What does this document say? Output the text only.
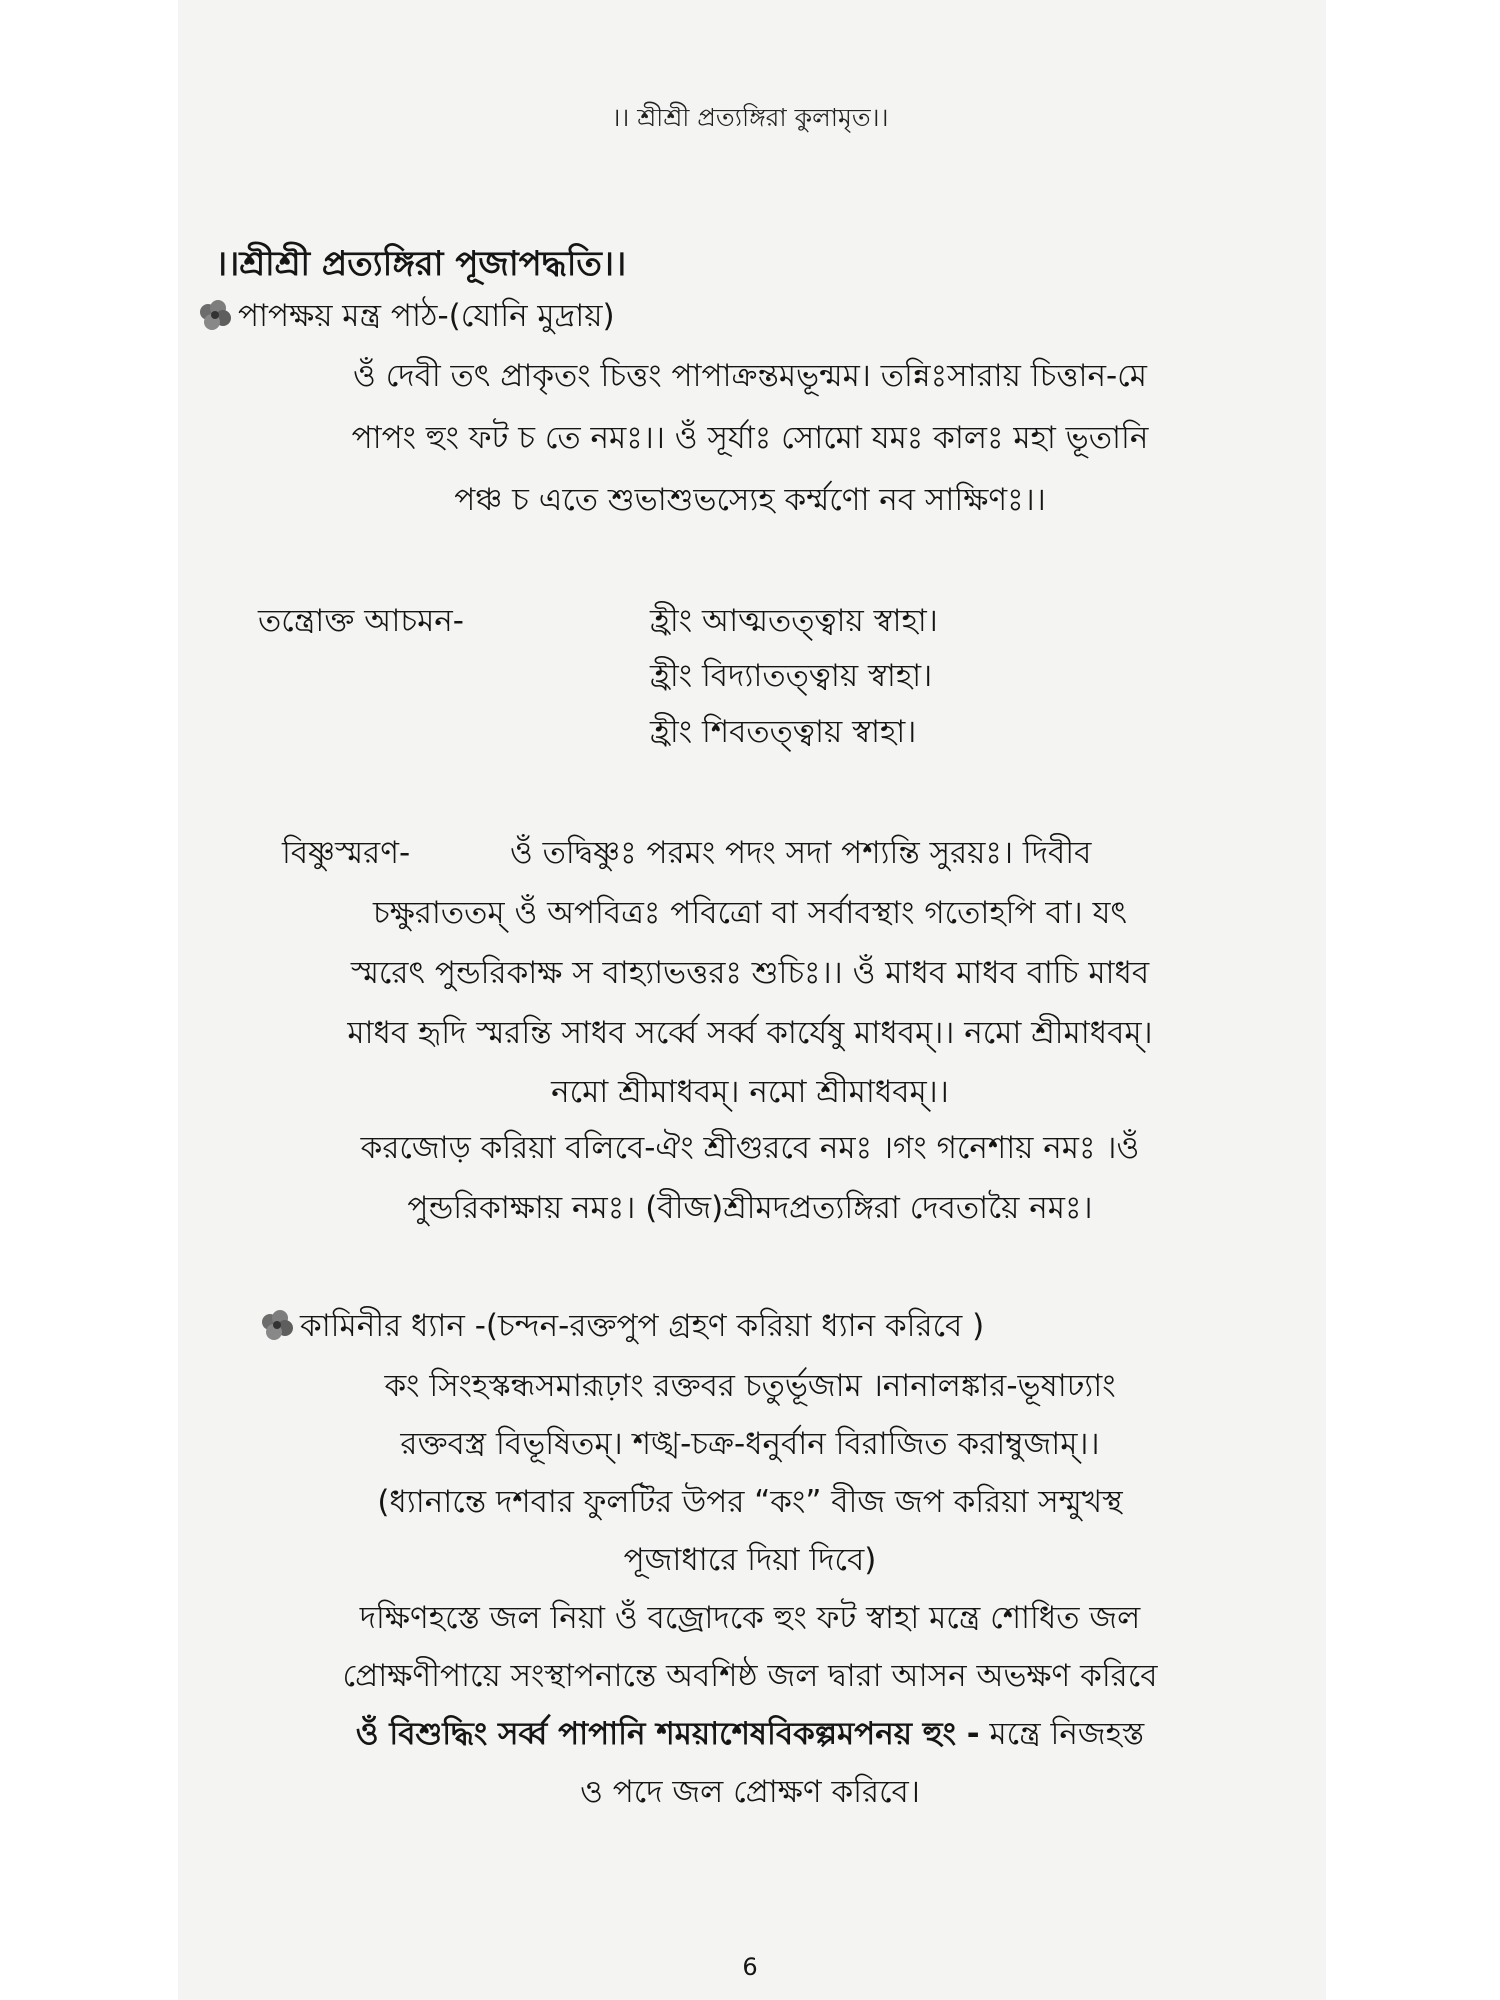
।। শ্রীশ্রী প্রত্যঙ্গিরা কুলামৃত।।
।।শ্রীশ্রী প্রত্যঙ্গিরা পূজাপদ্ধতি।।
পাপক্ষয় মন্ত্র পাঠ-(যোনি মুদ্রায়)
ওঁ দেবী তৎ প্রাকৃতং চিত্তং পাপাক্রন্তমভূন্মম। তন্নিঃসারায় চিত্তান-মে
পাপং হুং ফট চ তে নমঃ।। ওঁ সূর্যাঃ সোমো যমঃ কালঃ মহা ভূতানি
পঞ্চ চ এতে শুভাশুভস্যেহ কর্ম্মণো নব সাক্ষিণঃ।।
তন্ত্রোক্ত আচমন-	হ্রীং আত্মতত্ত্বায় স্বাহা।
হ্রীং বিদ্যাতত্ত্বায় স্বাহা।
হ্রীং শিবতত্ত্বায় স্বাহা।
বিষ্ণুস্মরণ-	ওঁ তদ্বিষ্ণুঃ পরমং পদং সদা পশ্যন্তি সুরয়ঃ। দিবীব
চক্ষুরাততম্ ওঁ অপবিত্রঃ পবিত্রো বা সর্বাবস্থাং গতোহপি বা। যৎ
স্মরেৎ পুন্ডরিকাক্ষ স বাহ্যাভত্তরঃ শুচিঃ।। ওঁ মাধব মাধব বাচি মাধব
মাধব হৃদি স্মরন্তি সাধব সর্ব্বে সর্ব্ব কার্যেষু মাধবম্।। নমো শ্রীমাধবম্।
নমো শ্রীমাধবম্। নমো শ্রীমাধবম্।।
করজোড় করিয়া বলিবে-ঐং শ্রীগুরবে নমঃ ।গং গনেশায় নমঃ ।ওঁ
পুন্ডরিকাক্ষায় নমঃ। (বীজ)শ্রীমদপ্রত্যঙ্গিরা দেবতায়ৈ নমঃ।
কামিনীর ধ্যান -(চন্দন-রক্তপুপ গ্রহণ করিয়া ধ্যান করিবে )
কং সিংহস্কন্ধসমারূঢ়াং রক্তবর চতুর্ভূজাম ।নানালঙ্কার-ভূষাঢ্যাং
রক্তবস্ত্র বিভূষিতম্। শঙ্খ-চক্র-ধনুর্বান বিরাজিত করাম্বুজাম্।।
(ধ্যানান্তে দশবার ফুলটির উপর “কং” বীজ জপ করিয়া সম্মুখস্থ
পূজাধারে দিয়া দিবে)
দক্ষিণহস্তে জল নিয়া ওঁ বজ্রোদকে হুং ফট স্বাহা মন্ত্রে শোধিত জল
প্রোক্ষণীপায়ে সংস্থাপনান্তে অবশিষ্ঠ জল দ্বারা আসন অভক্ষণ করিবে
ওঁ বিশুদ্ধিং সর্ব্ব পাপানি শময়াশেষবিকল্পমপনয় হুং - মন্ত্রে নিজহস্ত
ও পদে জল প্রোক্ষণ করিবে।
6
